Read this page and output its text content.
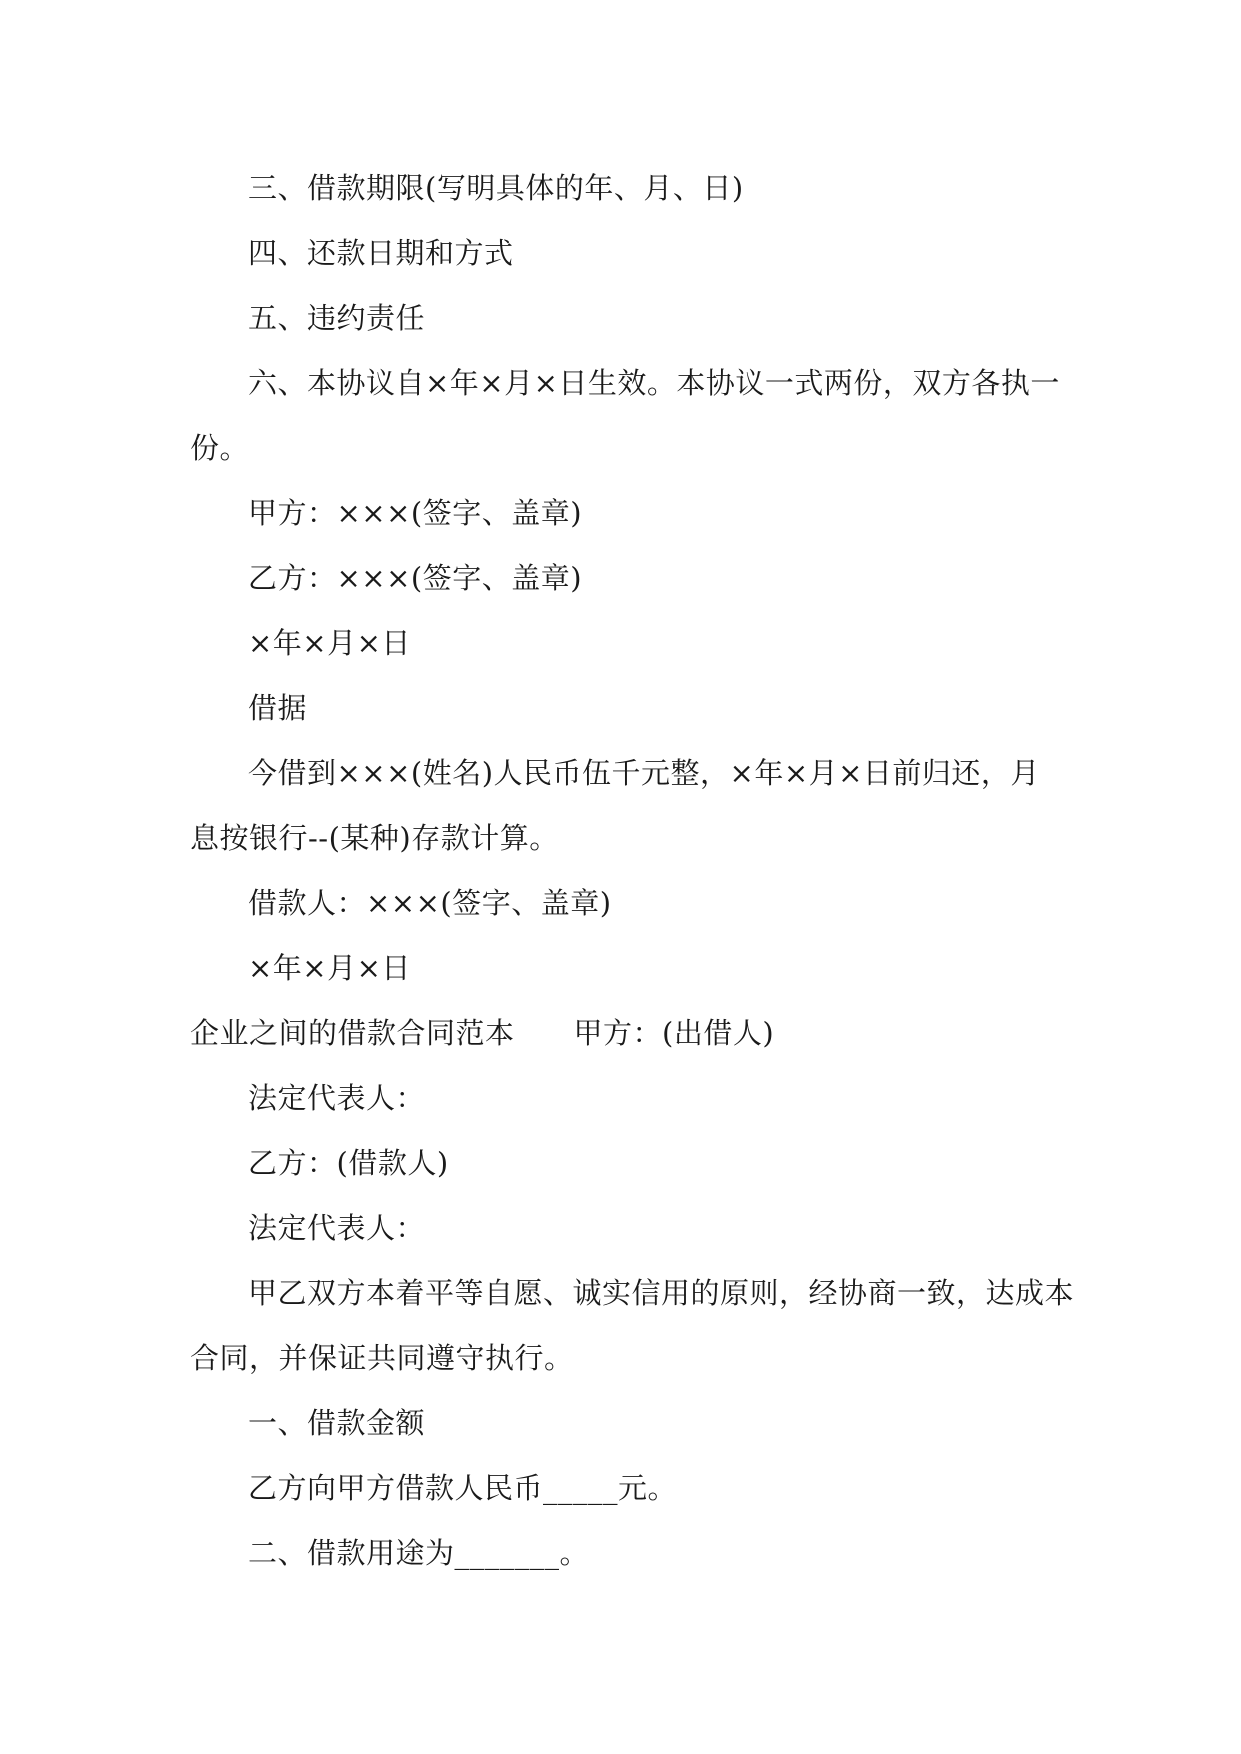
三、借款期限(写明具体的年、月、日)
四、还款日期和方式
五、违约责任
六、本协议自×年×月×日生效。本协议一式两份，双方各执一
份。
甲方：×××(签字、盖章)
乙方：×××(签字、盖章)
×年×月×日
借据
今借到×××(姓名)人民币伍千元整，×年×月×日前归还，月
息按银行--(某种)存款计算。
借款人：×××(签字、盖章)
×年×月×日
企业之间的借款合同范本　　甲方：(出借人)
法定代表人：
乙方：(借款人)
法定代表人：
甲乙双方本着平等自愿、诚实信用的原则，经协商一致，达成本
合同，并保证共同遵守执行。
一、借款金额
乙方向甲方借款人民币_____元。
二、借款用途为_______。
